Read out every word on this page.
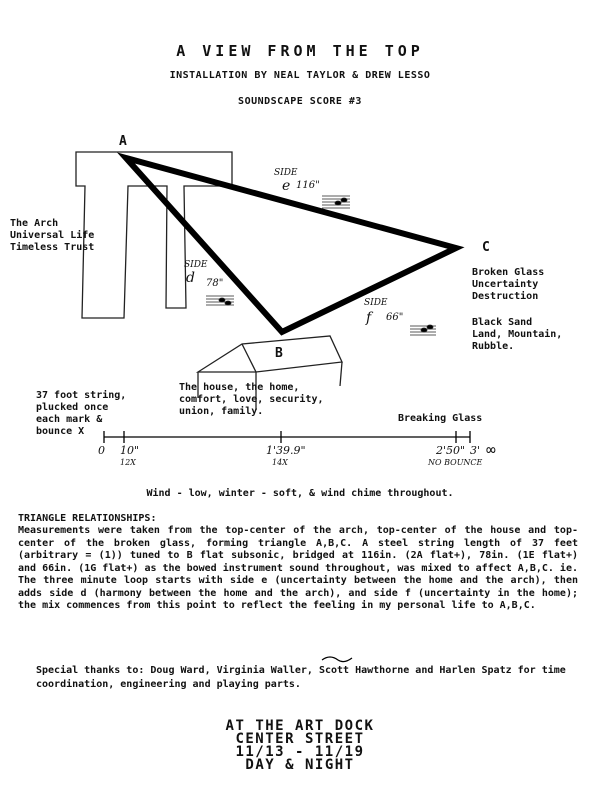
A VIEW FROM THE TOP
INSTALLATION BY NEAL TAYLOR & DREW LESSO
SOUNDSCAPE SCORE #3
A
B
C
The Arch
Universal Life
Timeless Trust
Broken Glass
Uncertainty
Destruction
Black Sand
Land, Mountain,
Rubble.
The house, the home,
comfort, love, security,
union, family.
SIDE
e 116"
SIDE
d 78"
SIDE
f 66"
37 foot string,
plucked once
each mark &
bounce X
Breaking Glass
0 10"
12X
1'39.9"
14X
2'50"
NO BOUNCE
3' ∞
Wind - low, winter - soft, & wind chime throughout.
TRIANGLE RELATIONSHIPS:
Measurements were taken from the top-center of the arch, top-center of the house and top-center of the broken glass, forming triangle A,B,C. A steel string length of 37 feet (arbitrary = (1)) tuned to B flat subsonic, bridged at 116in. (2A flat+), 78in. (1E flat+) and 66in. (1G flat+) as the bowed instrument sound throughout, was mixed to affect A,B,C. ie. The three minute loop starts with side e (uncertainty between the home and the arch), then adds side d (harmony between the home and the arch), and side f (uncertainty in the home); the mix commences from this point to reflect the feeling in my personal life to A,B,C.
Special thanks to: Doug Ward, Virginia Waller, Scott Hawthorne and Harlen Spatz for time coordination, engineering and playing parts.
AT THE ART DOCK
CENTER STREET
11/13 - 11/19
DAY & NIGHT
